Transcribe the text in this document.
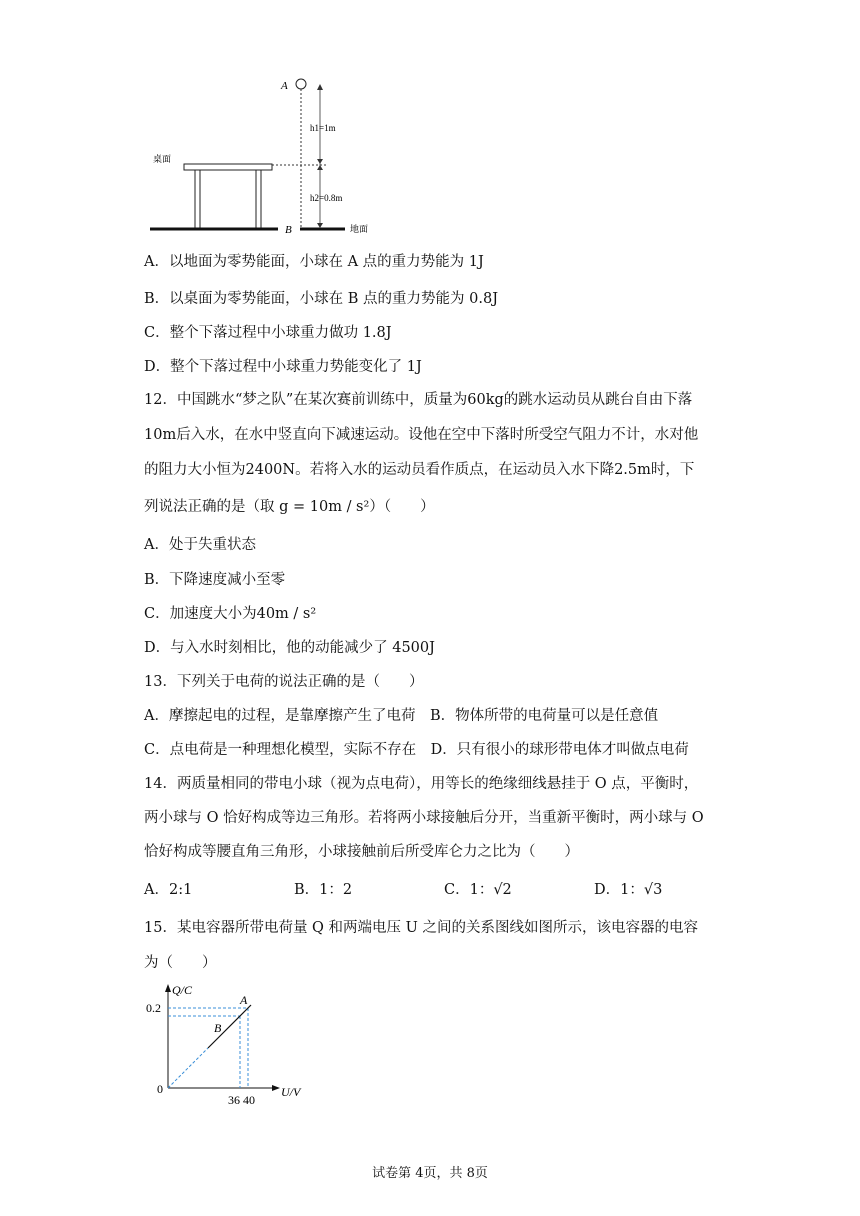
A
桌面
B	地面
h1=1m
h2=0.8m
A．以地面为零势能面，小球在 A 点的重力势能为 1J
B．以桌面为零势能面，小球在 B 点的重力势能为 0.8J
C．整个下落过程中小球重力做功 1.8J
D．整个下落过程中小球重力势能变化了 1J
12．中国跳水“梦之队”在某次赛前训练中，质量为60kg的跳水运动员从跳台自由下落
10m后入水，在水中竖直向下减速运动。设他在空中下落时所受空气阻力不计，水对他
的阻力大小恒为2400N。若将入水的运动员看作质点，在运动员入水下降2.5m时，下
列说法正确的是（取 g = 10m / s²）（　　）
A．处于失重状态
B．下降速度减小至零
C．加速度大小为40m / s²
D．与入水时刻相比，他的动能减少了 4500J
13．下列关于电荷的说法正确的是（　　）
A．摩擦起电的过程，是靠摩擦产生了电荷　B．物体所带的电荷量可以是任意值
C．点电荷是一种理想化模型，实际不存在　D．只有很小的球形带电体才叫做点电荷
14．两质量相同的带电小球（视为点电荷），用等长的绝缘细线悬挂于 O 点，平衡时，
两小球与 O 恰好构成等边三角形。若将两小球接触后分开，当重新平衡时，两小球与 O
恰好构成等腰直角三角形，小球接触前后所受库仑力之比为（　　）
A．2:1	B．1：2	C．1：√2	D．1：√3
15．某电容器所带电荷量 Q 和两端电压 U 之间的关系图线如图所示，该电容器的电容
为（　　）
Q/C
U/V
0
A
B
0.2
36 40
试卷第 4页，共 8页
